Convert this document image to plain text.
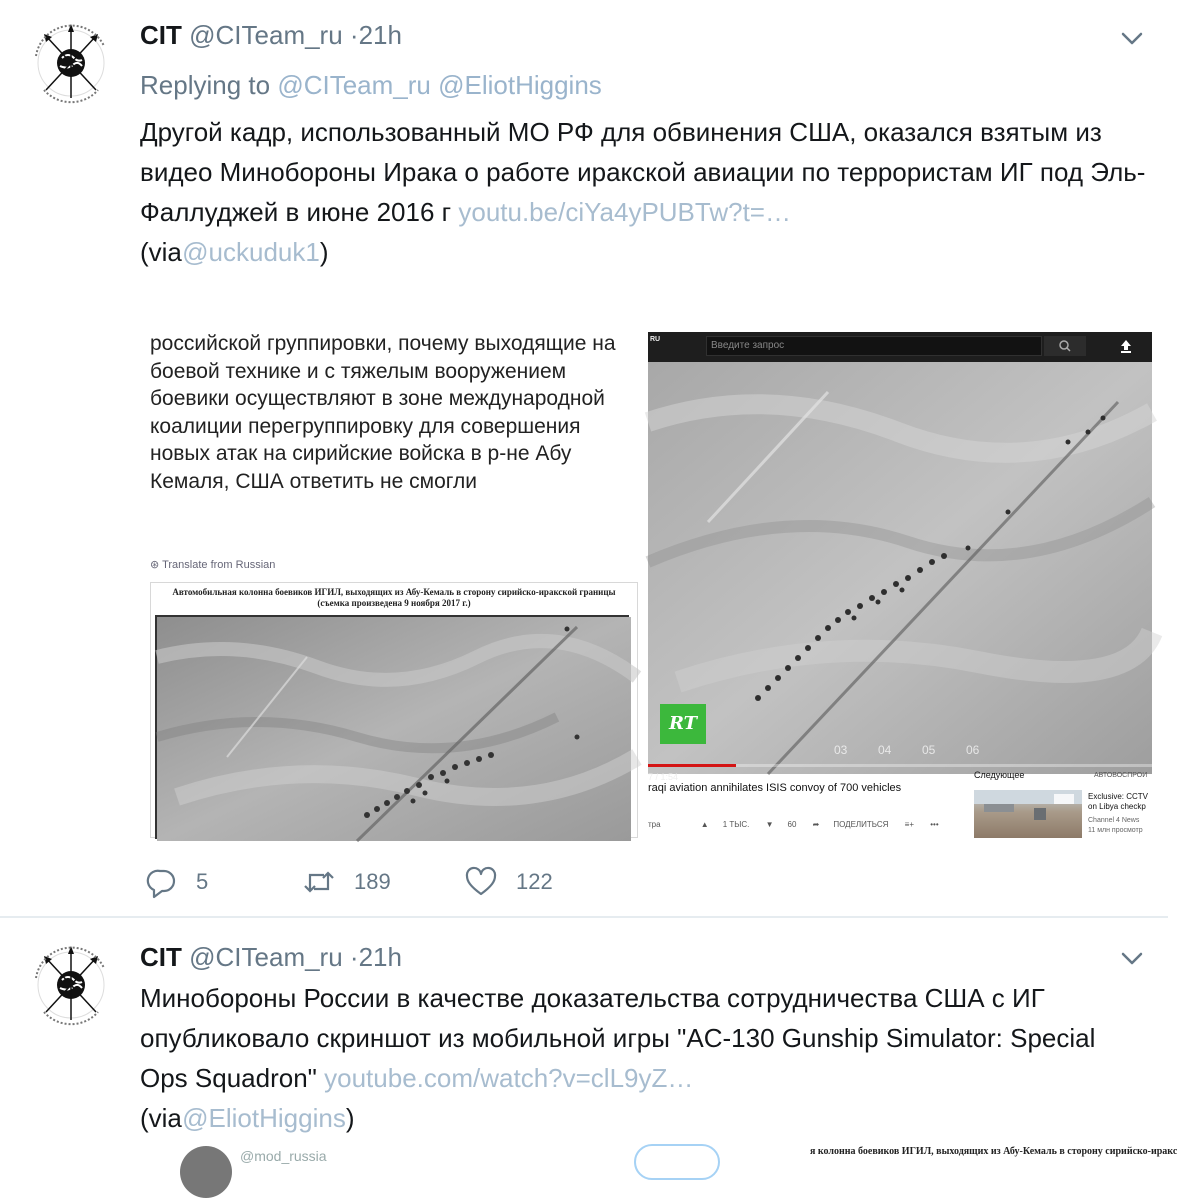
CIT @CITeam_ru ·21h
Replying to @CITeam_ru @EliotHiggins
Другой кадр, использованный МО РФ для обвинения США, оказался взятым из видео Минобороны Ирака о работе иракской авиации по террористам ИГ под Эль-Фаллуджей в июне 2016 г youtu.be/ciYa4yPUBTw?t=…
(via @uckuduk1)
российской группировки, почему выходящие на боевой технике и с тяжелым вооружением боевики осуществляют в зоне международной коалиции перегруппировку для совершения новых атак на сирийские войска в р-не Абу Кемаля, США ответить не смогли
⊛ Translate from Russian
Автомобильная колонна боевиков ИГИЛ, выходящих из Абу-Кемаль в сторону сирийско-иракской границы
(съемка произведена 9 ноября 2017 г.)
RU
Введите запрос
03	04	05	06
RT
7 / 1:54
raqi aviation annihilates ISIS convoy of 700 vehicles
тра	▲ 1 ТЫС. ▼ 60 ➦ ПОДЕЛИТЬСЯ ≡+ •••
Следующее	АВТОВОСПРОИ
Exclusive: CCTV on Libya checkp
Channel 4 News
11 млн просмотр
5	189	122
CIT @CITeam_ru ·21h
Минобороны России в качестве доказательства сотрудничества США с ИГ опубликовало скриншот из мобильной игры "AC-130 Gunship Simulator: Special Ops Squadron" youtube.com/watch?v=clL9yZ…
(via @EliotHiggins)
@mod_russia	я колонна боевиков ИГИЛ, выходящих из Абу-Кемаль в сторону сирийско-иракс
